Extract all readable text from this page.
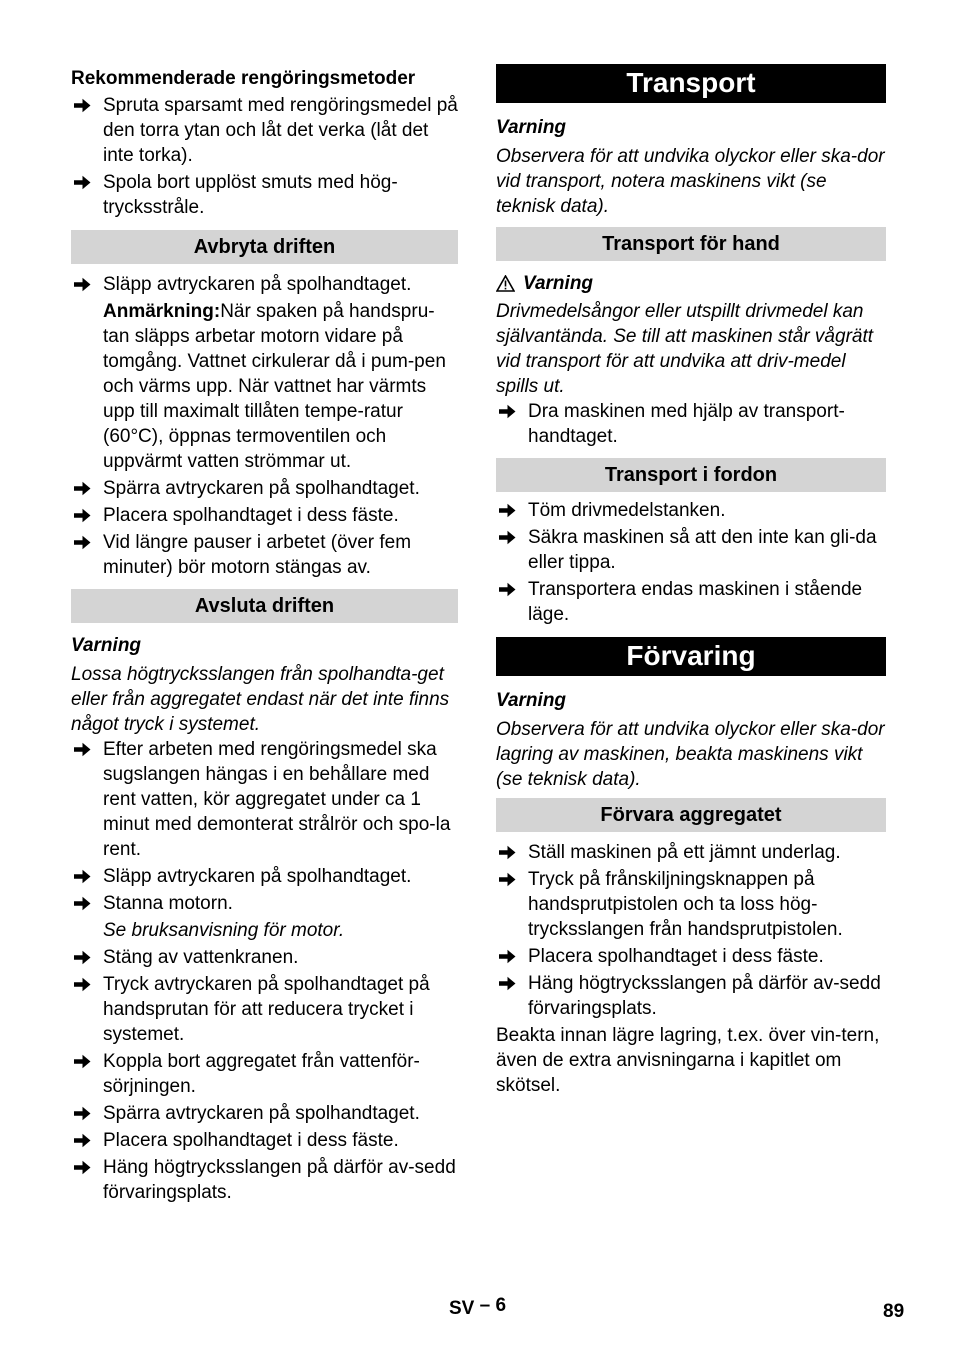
Rekommenderade rengöringsmetoder

Spruta sparsamt med rengöringsmedel på den torra ytan och låt det verka (låt det inte torka).
Spola bort upplöst smuts med hög-trycksstråle.
Avbryta driften
Släpp avtryckaren på spolhandtaget.

Anmärkning:När spaken på handspru-tan släpps arbetar motorn vidare på tomgång. Vattnet cirkulerar då i pum-pen och värms upp. När vattnet har värmts upp till maximalt tillåten tempe-ratur (60°C), öppnas termoventilen och uppvärmt vatten strömmar ut.

Spärra avtryckaren på spolhandtaget.
Placera spolhandtaget i dess fäste.
Vid längre pauser i arbetet (över fem minuter) bör motorn stängas av.
Avsluta driften

Varning

Lossa högtrycksslangen från spolhandta-get eller från aggregatet endast när det inte finns något tryck i systemet.

Efter arbeten med rengöringsmedel ska sugslangen hängas i en behållare med rent vatten, kör aggregatet under ca 1 minut med demonterat strålrör och spo-la rent.
Släpp avtryckaren på spolhandtaget.
Stanna motorn.

Se bruksanvisning för motor.

Stäng av vattenkranen.
Tryck avtryckaren på spolhandtaget på handsprutan för att reducera trycket i systemet.
Koppla bort aggregatet från vattenför-sörjningen.
Spärra avtryckaren på spolhandtaget.
Placera spolhandtaget i dess fäste.
Häng högtrycksslangen på därför av-sedd förvaringsplats.
Transport

Varning

Observera för att undvika olyckor eller ska-dor vid transport, notera maskinens vikt (se teknisk data).

Transport för hand
Varning

Drivmedelsångor eller utspillt drivmedel kan självantända. Se till att maskinen står vågrätt vid transport för att undvika att driv-medel spills ut.

Dra maskinen med hjälp av transport-handtaget.
Transport i fordon
Töm drivmedelstanken.
Säkra maskinen så att den inte kan gli-da eller tippa.
Transportera endas maskinen i stående läge.
Förvaring

Varning

Observera för att undvika olyckor eller ska-dor lagring av maskinen, beakta maskinens vikt (se teknisk data).

Förvara aggregatet
Ställ maskinen på ett jämnt underlag.
Tryck på frånskiljningsknappen på handsprutpistolen och ta loss hög-trycksslangen från handsprutpistolen.
Placera spolhandtaget i dess fäste.
Häng högtrycksslangen på därför av-sedd förvaringsplats.

Beakta innan lägre lagring, t.ex. över vin-tern, även de extra anvisningarna i kapitlet om skötsel.

SV – 6	89
